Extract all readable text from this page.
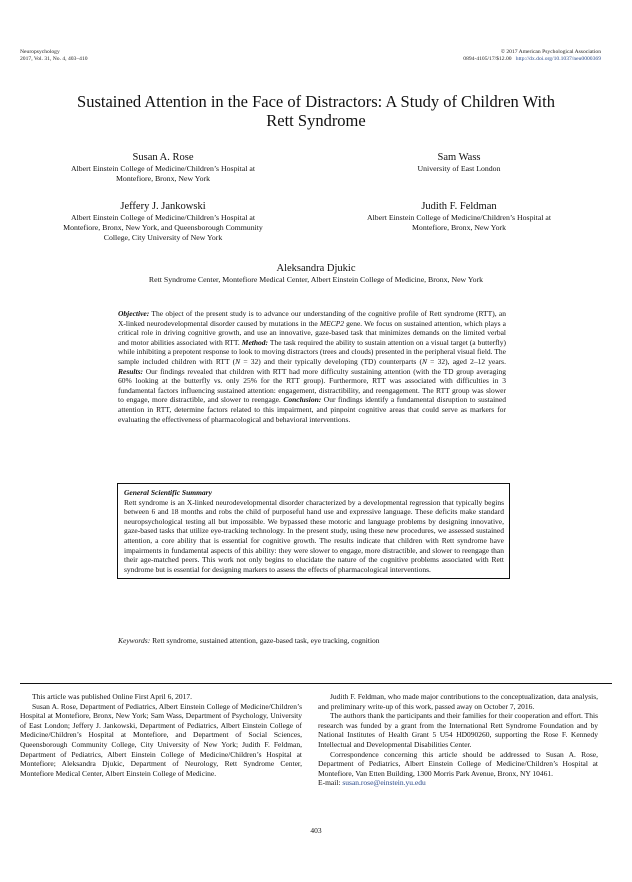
Neuropsychology
2017, Vol. 31, No. 4, 403–410
© 2017 American Psychological Association
0894-4105/17/$12.00 http://dx.doi.org/10.1037/neu0000369
Sustained Attention in the Face of Distractors: A Study of Children With
Rett Syndrome
Susan A. Rose
Albert Einstein College of Medicine/Children’s Hospital at
Montefiore, Bronx, New York
Sam Wass
University of East London
Jeffery J. Jankowski
Albert Einstein College of Medicine/Children’s Hospital at
Montefiore, Bronx, New York, and Queensborough Community
College, City University of New York
Judith F. Feldman
Albert Einstein College of Medicine/Children’s Hospital at
Montefiore, Bronx, New York
Aleksandra Djukic
Rett Syndrome Center, Montefiore Medical Center, Albert Einstein College of Medicine, Bronx, New York
Objective: The object of the present study is to advance our understanding of the cognitive profile of Rett syndrome (RTT), an X-linked neurodevelopmental disorder caused by mutations in the MECP2 gene. We focus on sustained attention, which plays a critical role in driving cognitive growth, and use an innovative, gaze-based task that minimizes demands on the limited verbal and motor abilities associated with RTT. Method: The task required the ability to sustain attention on a visual target (a butterfly) while inhibiting a prepotent response to look to moving distractors (trees and clouds) presented in the peripheral visual field. The sample included children with RTT (N = 32) and their typically developing (TD) counterparts (N = 32), aged 2–12 years. Results: Our findings revealed that children with RTT had more difficulty sustaining attention (with the TD group averaging 60% looking at the butterfly vs. only 25% for the RTT group). Furthermore, RTT was associated with difficulties in 3 fundamental factors influencing sustained attention: engagement, distractibility, and reengagement. The RTT group was slower to engage, more distractible, and slower to reengage. Conclusion: Our findings identify a fundamental disruption to sustained attention in RTT, determine factors related to this impairment, and pinpoint cognitive areas that could serve as markers for evaluating the effectiveness of pharmacological and behavioral interventions.
General Scientific Summary
Rett syndrome is an X-linked neurodevelopmental disorder characterized by a developmental regression that typically begins between 6 and 18 months and robs the child of purposeful hand use and expressive language. These deficits make standard neuropsychological testing all but impossible. We bypassed these motoric and language problems by designing innovative, gaze-based tasks that utilize eye-tracking technology. In the present study, using these new procedures, we assessed sustained attention, a core ability that is essential for cognitive growth. The results indicate that children with Rett syndrome have impairments in fundamental aspects of this ability: they were slower to engage, more distractible, and slower to reengage than their age-matched peers. This work not only begins to elucidate the nature of the cognitive problems associated with Rett syndrome but is essential for designing markers to assess the effects of pharmacological interventions.
Keywords: Rett syndrome, sustained attention, gaze-based task, eye tracking, cognition

This article was published Online First April 6, 2017.

Susan A. Rose, Department of Pediatrics, Albert Einstein College of Medicine/Children’s Hospital at Montefiore, Bronx, New York; Sam Wass, Department of Psychology, University of East London; Jeffery J. Jankowski, Department of Pediatrics, Albert Einstein College of Medicine/Children’s Hospital at Montefiore, and Department of Social Sciences, Queensborough Community College, City University of New York; Judith F. Feldman, Department of Pediatrics, Albert Einstein College of Medicine/Children’s Hospital at Montefiore; Aleksandra Djukic, Department of Neurology, Rett Syndrome Center, Montefiore Medical Center, Albert Einstein College of Medicine.

Judith F. Feldman, who made major contributions to the conceptualization, data analysis, and preliminary write-up of this work, passed away on October 7, 2016.

The authors thank the participants and their families for their cooperation and effort. This research was funded by a grant from the International Rett Syndrome Foundation and by National Institutes of Health Grant 5 U54 HD090260, supporting the Rose F. Kennedy Intellectual and Developmental Disabilities Center.

Correspondence concerning this article should be addressed to Susan A. Rose, Department of Pediatrics, Albert Einstein College of Medicine/Children’s Hospital at Montefiore, Van Etten Building, 1300 Morris Park Avenue, Bronx, NY 10461.

E-mail: susan.rose@einstein.yu.edu
403
